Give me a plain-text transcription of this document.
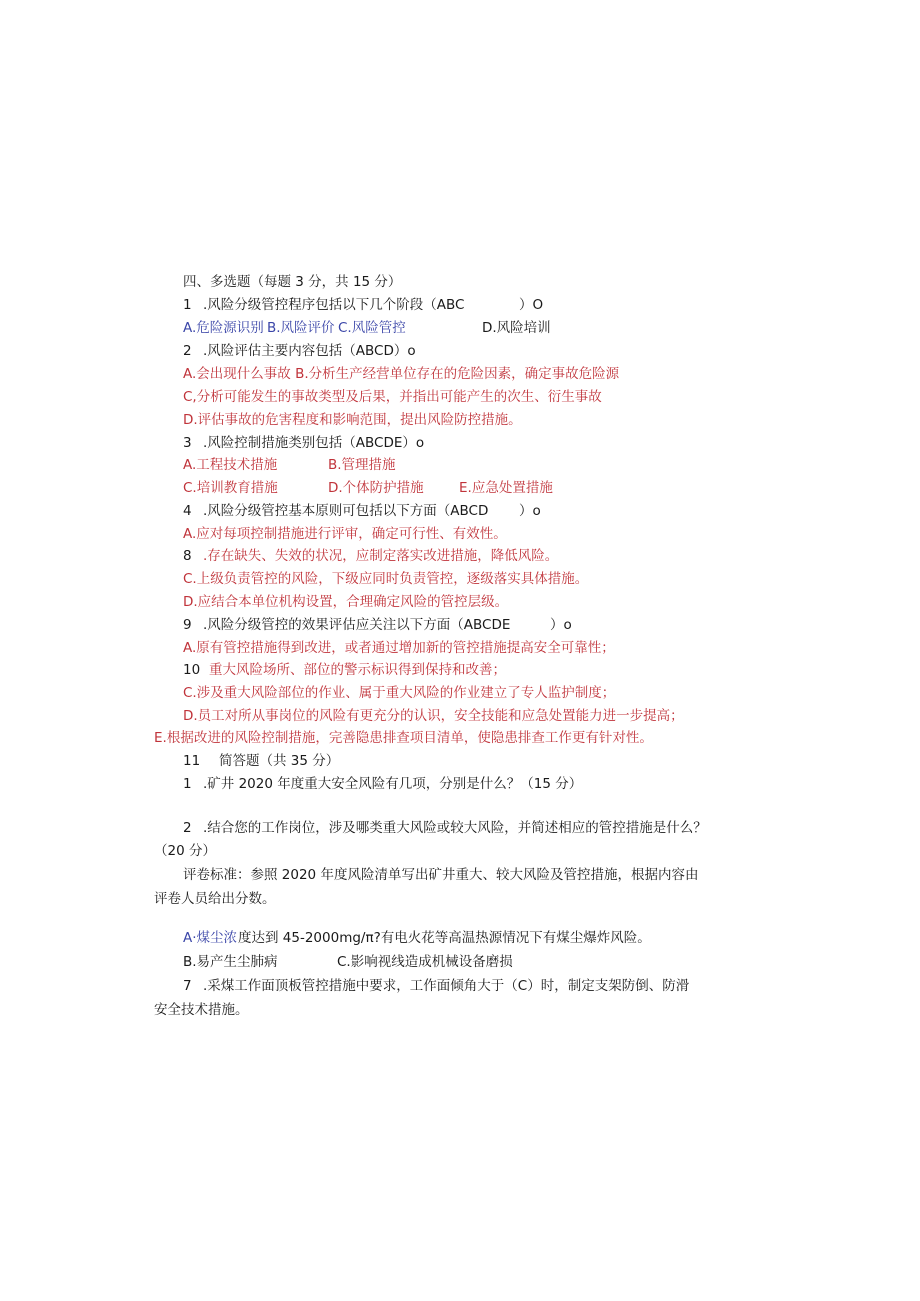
四、多选题（每题 3 分，共 15 分）
1 .风险分级管控程序包括以下几个阶段（ABC	）O
A.危险源识别 B.风险评价 C.风险管控	D.风险培训
2 .风险评估主要内容包括（ABCD）o
A.会出现什么事故 B.分析生产经营单位存在的危险因素，确定事故危险源
C,分析可能发生的事故类型及后果，并指出可能产生的次生、衍生事故
D.评估事故的危害程度和影响范围，提出风险防控措施。
3 .风险控制措施类别包括（ABCDE）o
A.工程技术措施	B.管理措施
C.培训教育措施	D.个体防护措施	E.应急处置措施
4 .风险分级管控基本原则可包括以下方面（ABCD ）o
A.应对每项控制措施进行评审，确定可行性、有效性。
8 .存在缺失、失效的状况，应制定落实改进措施，降低风险。
C.上级负责管控的风险，下级应同时负责管控，逐级落实具体措施。
D.应结合本单位机构设置，合理确定风险的管控层级。
9 .风险分级管控的效果评估应关注以下方面（ABCDE	）o
A.原有管控措施得到改进，或者通过增加新的管控措施提高安全可靠性；
10 重大风险场所、部位的警示标识得到保持和改善；
C.涉及重大风险部位的作业、属于重大风险的作业建立了专人监护制度；
D.员工对所从事岗位的风险有更充分的认识，安全技能和应急处置能力进一步提高；
E.根据改进的风险控制措施，完善隐患排查项目清单，使隐患排查工作更有针对性。
11 简答题（共 35 分）
1 .矿井 2020 年度重大安全风险有几项，分别是什么？（15 分）
2 .结合您的工作岗位，涉及哪类重大风险或较大风险，并简述相应的管控措施是什么？
（20 分）
评卷标准：参照 2020 年度风险清单写出矿井重大、较大风险及管控措施，根据内容由
评卷人员给出分数。
A·煤尘浓 度达到 45-2000mg/π?有电火花等高温热源情况下有煤尘爆炸风险。
B.易产生尘肺病	C.影响视线造成机械设备磨损
7 .采煤工作面顶板管控措施中要求，工作面倾角大于（C）时，制定支架防倒、防滑
安全技术措施。
